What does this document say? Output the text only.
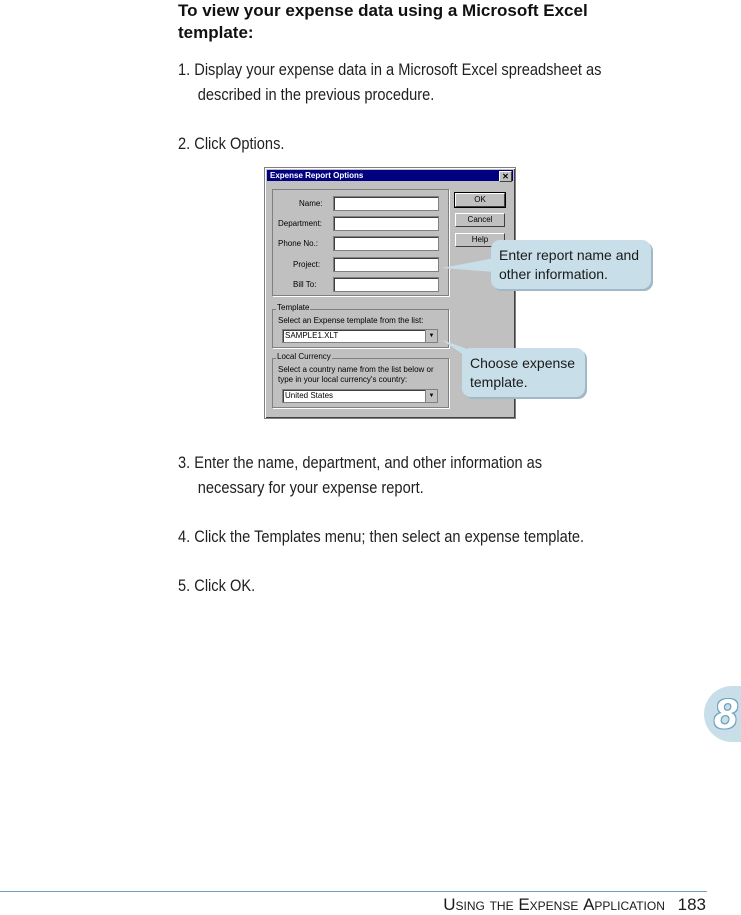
To view your expense data using a Microsoft Excel
template:
1. Display your expense data in a Microsoft Excel spreadsheet as
described in the previous procedure.
2. Click Options.
Expense Report Options	✕
Name:
Department:
Phone No.:
Project:
Bill To:
OK
Cancel
Help
Template
Select an Expense template from the list:
SAMPLE1.XLT	▼
Local Currency
Select a country name from the list below or
type in your local currency's country:
United States	▼
Enter report name and
other information.
Choose expense
template.
3. Enter the name, department, and other information as
necessary for your expense report.
4. Click the Templates menu; then select an expense template.
5. Click OK.
8
Using the Expense Application 183
